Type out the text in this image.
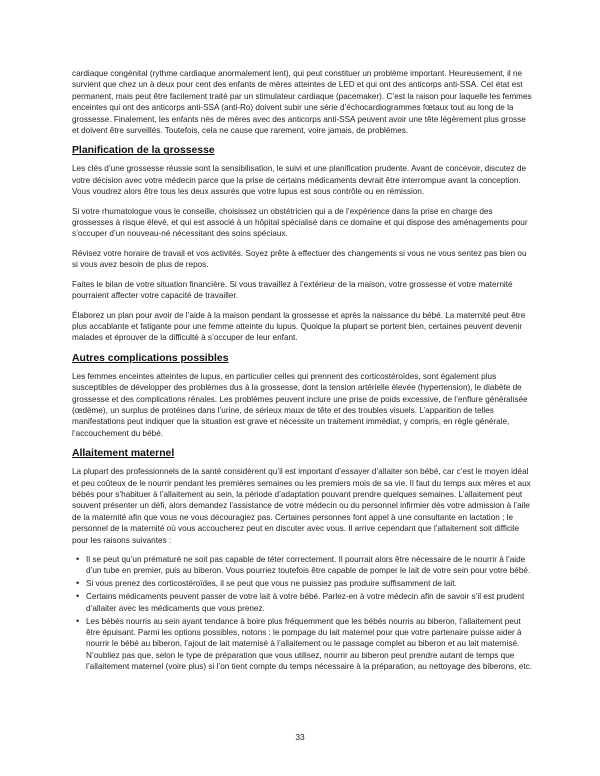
cardiaque congénital (rythme cardiaque anormalement lent), qui peut constituer un problème important. Heureusement, il ne survient que chez un à deux pour cent des enfants de mères atteintes de LED et qui ont des anticorps anti-SSA. Cet état est permanent, mais peut être facilement traité par un stimulateur cardiaque (pacemaker). C’est la raison pour laquelle les femmes enceintes qui ont des anticorps anti-SSA (anti-Ro) doivent subir une série d’échocardiogrammes fœtaux tout au long de la grossesse. Finalement, les enfants nés de mères avec des anticorps anti-SSA peuvent avoir une tête légèrement plus grosse et doivent être surveillés. Toutefois, cela ne cause que rarement, voire jamais, de problèmes.

Planification de la grossesse

Les clés d’une grossesse réussie sont la sensibilisation, le suivi et une planification prudente. Avant de concevoir, discutez de votre décision avec votre médecin parce que la prise de certains médicaments devrait être interrompue avant la conception. Vous voudrez alors être tous les deux assurés que votre lupus est sous contrôle ou en rémission.

Si votre rhumatologue vous le conseille, choisissez un obstétricien qui a de l’expérience dans la prise en charge des grossesses à risque élevé, et qui est associé à un hôpital spécialisé dans ce domaine et qui dispose des aménagements pour s’occuper d’un nouveau-né nécessitant des soins spéciaux.

Révisez votre horaire de travail et vos activités. Soyez prête à effectuer des changements si vous ne vous sentez pas bien ou si vous avez besoin de plus de repos.

Faites le bilan de votre situation financière. Si vous travaillez à l’extérieur de la maison, votre grossesse et votre maternité pourraient affecter votre capacité de travailler.

Élaborez un plan pour avoir de l’aide à la maison pendant la grossesse et après la naissance du bébé. La maternité peut être plus accablante et fatigante pour une femme atteinte du lupus. Quoique la plupart se portent bien, certaines peuvent devenir malades et éprouver de la difficulté à s’occuper de leur enfant.

Autres complications possibles

Les femmes enceintes atteintes de lupus, en particulier celles qui prennent des corticostéroïdes, sont également plus susceptibles de développer des problèmes dus à la grossesse, dont la tension artérielle élevée (hypertension), le diabète de grossesse et des complications rénales. Les problèmes peuvent inclure une prise de poids excessive, de l’enflure généralisée (œdème), un surplus de protéines dans l’urine, de sérieux maux de tête et des troubles visuels. L’apparition de telles manifestations peut indiquer que la situation est grave et nécessite un traitement immédiat, y compris, en règle générale, l’accouchement du bébé.

Allaitement maternel

La plupart des professionnels de la santé considèrent qu’il est important d’essayer d’allaiter son bébé, car c’est le moyen idéal et peu coûteux de le nourrir pendant les premières semaines ou les premiers mois de sa vie. Il faut du temps aux mères et aux bébés pour s’habituer à l’allaitement au sein, la période d’adaptation pouvant prendre quelques semaines. L’allaitement peut souvent présenter un défi, alors demandez l’assistance de votre médecin ou du personnel infirmier dès votre admission à l’aile de la maternité afin que vous ne vous découragiez pas. Certaines personnes font appel à une consultante en lactation ; le personnel de la maternité où vous accoucherez peut en discuter avec vous. Il arrive cependant que l’allaitement soit difficile pour les raisons suivantes :

• Il se peut qu’un prématuré ne soit pas capable de téter correctement. Il pourrait alors être nécessaire de le nourrir à l’aide d’un tube en premier, puis au biberon. Vous pourriez toutefois être capable de pomper le lait de votre sein pour votre bébé.
• Si vous prenez des corticostéroïdes, il se peut que vous ne puissiez pas produire suffisamment de lait.
• Certains médicaments peuvent passer de votre lait à votre bébé. Parlez-en à votre médecin afin de savoir s’il est prudent d’allaiter avec les médicaments que vous prenez.
• Les bébés nourris au sein ayant tendance à boire plus fréquemment que les bébés nourris au biberon, l’allaitement peut être épuisant. Parmi les options possibles, notons : le pompage du lait maternel pour que votre partenaire puisse aider à nourrir le bébé au biberon, l’ajout de lait maternisé à l’allaitement ou le passage complet au biberon et au lait maternisé. N’oubliez pas que, selon le type de préparation que vous utilisez, nourrir au biberon peut prendre autant de temps que l’allaitement maternel (voire plus) si l’on tient compte du temps nécessaire à la préparation, au nettoyage des biberons, etc.
33
